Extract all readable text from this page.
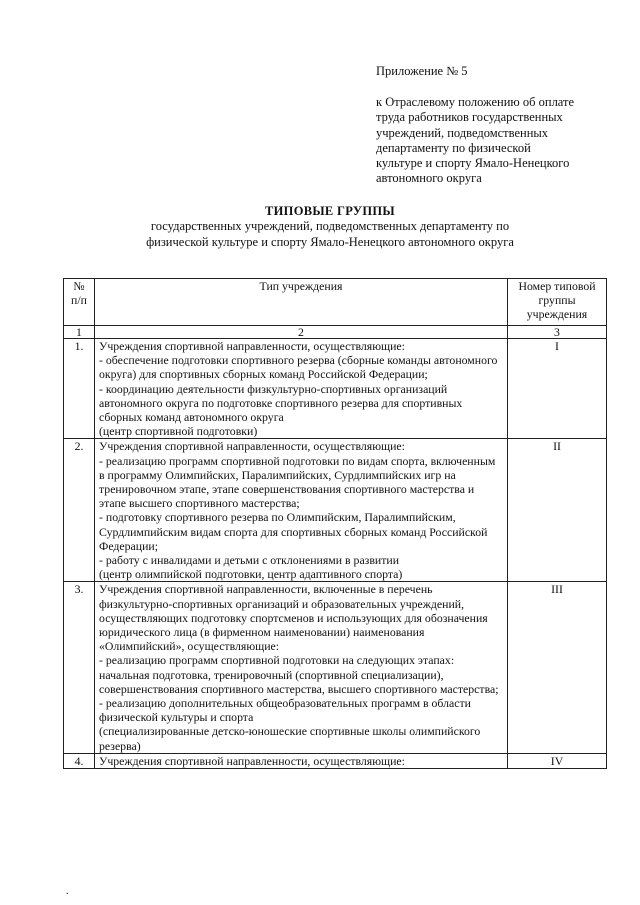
Приложение № 5
к Отраслевому положению об оплате
труда работников государственных
учреждений, подведомственных
департаменту по физической
культуре и спорту Ямало-Ненецкого
автономного округа
ТИПОВЫЕ ГРУППЫ
государственных учреждений, подведомственных департаменту по
физической культуре и спорту Ямало-Ненецкого автономного округа
№
п/п	Тип учреждения	Номер типовой группы учреждения
1	2	3
1.	Учреждения спортивной направленности, осуществляющие:
- обеспечение подготовки спортивного резерва (сборные команды автономного округа) для спортивных сборных команд Российской Федерации;
- координацию деятельности физкультурно-спортивных организаций автономного округа по подготовке спортивного резерва для спортивных сборных команд автономного округа
(центр спортивной подготовки)	I
2.	Учреждения спортивной направленности, осуществляющие:
- реализацию программ спортивной подготовки по видам спорта, включенным в программу Олимпийских, Паралимпийских, Сурдлимпийских игр на тренировочном этапе, этапе совершенствования спортивного мастерства и этапе высшего спортивного мастерства;
- подготовку спортивного резерва по Олимпийским, Паралимпийским, Сурдлимпийским видам спорта для спортивных сборных команд Российской Федерации;
- работу с инвалидами и детьми с отклонениями в развитии
(центр олимпийской подготовки, центр адаптивного спорта)	II
3.	Учреждения спортивной направленности, включенные в перечень физкультурно-спортивных организаций и образовательных учреждений, осуществляющих подготовку спортсменов и использующих для обозначения юридического лица (в фирменном наименовании) наименования «Олимпийский», осуществляющие:
- реализацию программ спортивной подготовки на следующих этапах: начальная подготовка, тренировочный (спортивной специализации), совершенствования спортивного мастерства, высшего спортивного мастерства;
- реализацию дополнительных общеобразовательных программ в области физической культуры и спорта
(специализированные детско-юношеские спортивные школы олимпийского резерва)	III
4.	Учреждения спортивной направленности, осуществляющие:	IV
.
